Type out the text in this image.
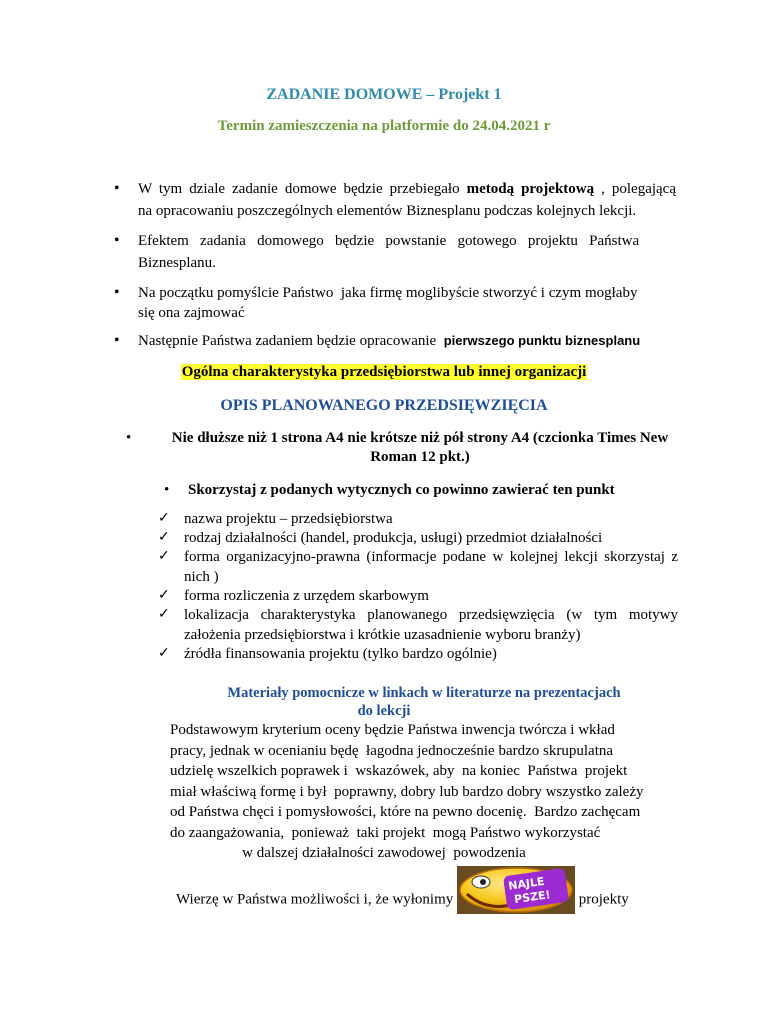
ZADANIE DOMOWE – Projekt 1
Termin zamieszczenia na platformie do 24.04.2021 r
• W tym dziale zadanie domowe będzie przebiegało metodą projektową , polegającą
na opracowaniu poszczególnych elementów Biznesplanu podczas kolejnych lekcji.
• Efektem   zadania   domowego   będzie   powstanie   gotowego   projektu   Państwa
Biznesplanu.
• Na początku pomyślcie Państwo  jaka firmę moglibyście stworzyć i czym mogłaby
się ona zajmować
• Następnie Państwa zadaniem będzie opracowanie  pierwszego punktu biznesplanu
Ogólna charakterystyka przedsiębiorstwa lub innej organizacji
OPIS PLANOWANEGO PRZEDSIĘWZIĘCIA
•	Nie dłuższe niż 1 strona A4 nie krótsze niż pół strony A4 (czcionka Times New
Roman 12 pkt.)
• Skorzystaj z podanych wytycznych co powinno zawierać ten punkt
✓ nazwa projektu – przedsiębiorstwa
✓ rodzaj działalności (handel, produkcja, usługi) przedmiot działalności
✓ forma organizacyjno-prawna (informacje podane w kolejnej lekcji skorzystaj z
nich )
✓ forma rozliczenia z urzędem skarbowym
✓ lokalizacja charakterystyka planowanego przedsięwzięcia (w tym motywy
założenia przedsiębiorstwa i krótkie uzasadnienie wyboru branży)
✓ źródła finansowania projektu (tylko bardzo ogólnie)
Materiały pomocnicze w linkach w literaturze na prezentacjach
do lekcji
Podstawowym kryterium oceny będzie Państwa inwencja twórcza i wkład
pracy, jednak w ocenianiu będę  łagodna jednocześnie bardzo skrupulatna
udzielę wszelkich poprawek i  wskazówek, aby  na koniec  Państwa  projekt
miał właściwą formę i był  poprawny, dobry lub bardzo dobry wszystko zależy
od Państwa chęci i pomysłowości, które na pewno docenię.  Bardzo zachęcam
do zaangażowania,  ponieważ  taki projekt  mogą Państwo wykorzystać
w dalszej działalności zawodowej  powodzenia
Wierzę w Państwa możliwości i, że wyłonimy
NAJLE
PSZE! projekty
